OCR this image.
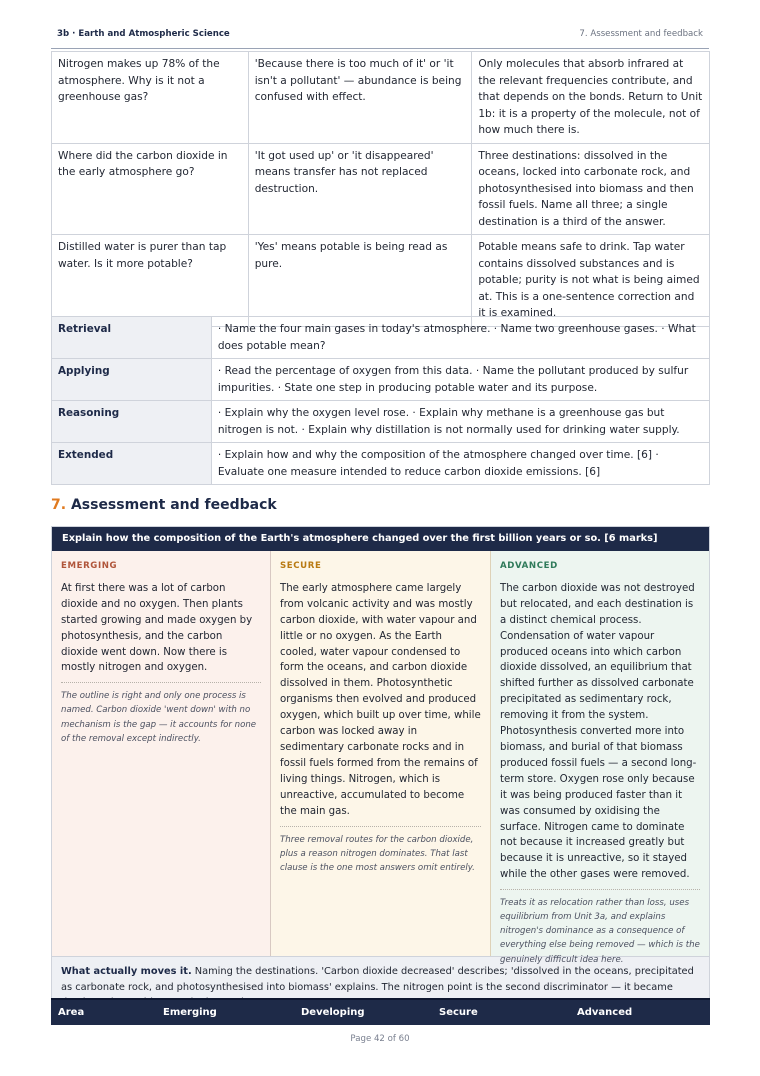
3b · Earth and Atmospheric Science	7. Assessment and feedback
Nitrogen makes up 78% of the atmosphere. Why is it not a greenhouse gas?	'Because there is too much of it' or 'it isn't a pollutant' — abundance is being confused with effect.	Only molecules that absorb infrared at the relevant frequencies contribute, and that depends on the bonds. Return to Unit 1b: it is a property of the molecule, not of how much there is.
Where did the carbon dioxide in the early atmosphere go?	'It got used up' or 'it disappeared' means transfer has not replaced destruction.	Three destinations: dissolved in the oceans, locked into carbonate rock, and photosynthesised into biomass and then fossil fuels. Name all three; a single destination is a third of the answer.
Distilled water is purer than tap water. Is it more potable?	'Yes' means potable is being read as pure.	Potable means safe to drink. Tap water contains dissolved substances and is potable; purity is not what is being aimed at. This is a one-sentence correction and it is examined.
Retrieval	· Name the four main gases in today's atmosphere. · Name two greenhouse gases. · What does potable mean?
Applying	· Read the percentage of oxygen from this data. · Name the pollutant produced by sulfur impurities. · State one step in producing potable water and its purpose.
Reasoning	· Explain why the oxygen level rose. · Explain why methane is a greenhouse gas but nitrogen is not. · Explain why distillation is not normally used for drinking water supply.
Extended	· Explain how and why the composition of the atmosphere changed over time. [6] · Evaluate one measure intended to reduce carbon dioxide emissions. [6]
7. Assessment and feedback
Explain how the composition of the Earth's atmosphere changed over the first billion years or so. [6 marks]
EMERGING
At first there was a lot of carbon dioxide and no oxygen. Then plants started growing and made oxygen by photosynthesis, and the carbon dioxide went down. Now there is mostly nitrogen and oxygen.
The outline is right and only one process is named. Carbon dioxide 'went down' with no mechanism is the gap — it accounts for none of the removal except indirectly.
SECURE
The early atmosphere came largely from volcanic activity and was mostly carbon dioxide, with water vapour and little or no oxygen. As the Earth cooled, water vapour condensed to form the oceans, and carbon dioxide dissolved in them. Photosynthetic organisms then evolved and produced oxygen, which built up over time, while carbon was locked away in sedimentary carbonate rocks and in fossil fuels formed from the remains of living things. Nitrogen, which is unreactive, accumulated to become the main gas.
Three removal routes for the carbon dioxide, plus a reason nitrogen dominates. That last clause is the one most answers omit entirely.
ADVANCED
The carbon dioxide was not destroyed but relocated, and each destination is a distinct chemical process. Condensation of water vapour produced oceans into which carbon dioxide dissolved, an equilibrium that shifted further as dissolved carbonate precipitated as sedimentary rock, removing it from the system. Photosynthesis converted more into biomass, and burial of that biomass produced fossil fuels — a second long-term store. Oxygen rose only because it was being produced faster than it was consumed by oxidising the surface. Nitrogen came to dominate not because it increased greatly but because it is unreactive, so it stayed while the other gases were removed.
Treats it as relocation rather than loss, uses equilibrium from Unit 3a, and explains nitrogen's dominance as a consequence of everything else being removed — which is the genuinely difficult idea here.
What actually moves it. Naming the destinations. 'Carbon dioxide decreased' describes; 'dissolved in the oceans, precipitated as carbonate rock, and photosynthesised into biomass' explains. The nitrogen point is the second discriminator — it became
Area	Emerging	Developing	Secure	Advanced
Page 42 of 60
